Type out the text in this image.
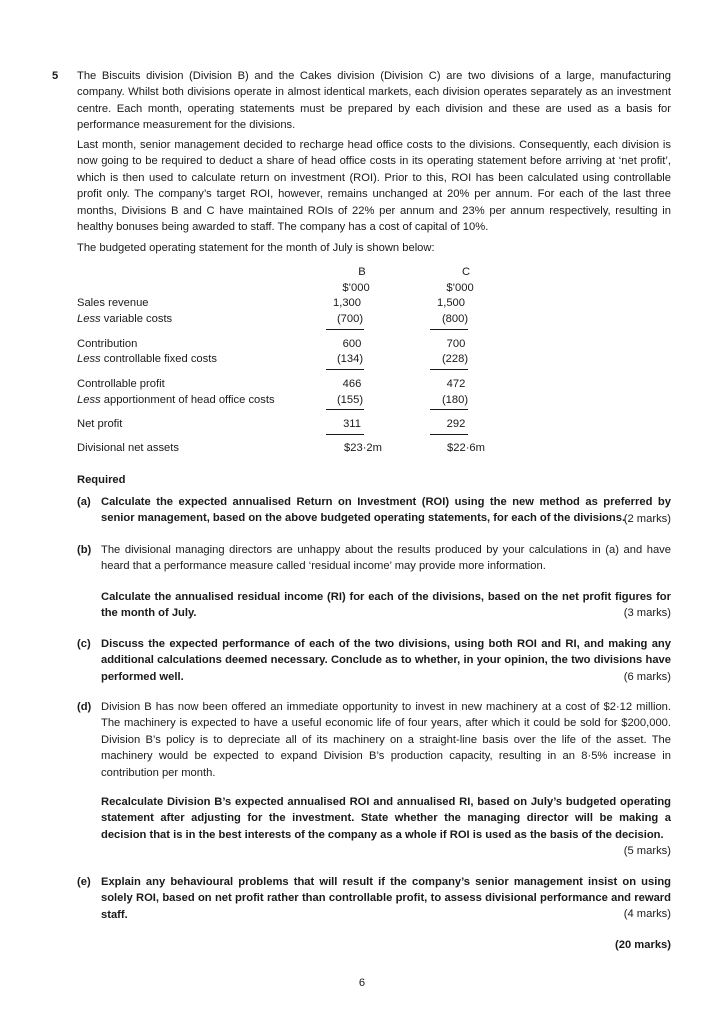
5 The Biscuits division (Division B) and the Cakes division (Division C) are two divisions of a large, manufacturing company. Whilst both divisions operate in almost identical markets, each division operates separately as an investment centre. Each month, operating statements must be prepared by each division and these are used as a basis for performance measurement for the divisions.
Last month, senior management decided to recharge head office costs to the divisions. Consequently, each division is now going to be required to deduct a share of head office costs in its operating statement before arriving at ‘net profit’, which is then used to calculate return on investment (ROI). Prior to this, ROI has been calculated using controllable profit only. The company’s target ROI, however, remains unchanged at 20% per annum. For each of the last three months, Divisions B and C have maintained ROIs of 22% per annum and 23% per annum respectively, resulting in healthy bonuses being awarded to staff. The company has a cost of capital of 10%.
The budgeted operating statement for the month of July is shown below:
B	C
$’000	$’000
Sales revenue	1,300	1,500
Less variable costs	(700)	(800)
Contribution	600	700
Less controllable fixed costs	(134)	(228)
Controllable profit	466	472
Less apportionment of head office costs	(155)	(180)
Net profit	311	292
Divisional net assets	$23·2m	$22·6m
Required
(a) Calculate the expected annualised Return on Investment (ROI) using the new method as preferred by senior management, based on the above budgeted operating statements, for each of the divisions.
(2 marks)
(b) The divisional managing directors are unhappy about the results produced by your calculations in (a) and have heard that a performance measure called ‘residual income’ may provide more information.
Calculate the annualised residual income (RI) for each of the divisions, based on the net profit figures for the month of July.	(3 marks)
(c) Discuss the expected performance of each of the two divisions, using both ROI and RI, and making any additional calculations deemed necessary. Conclude as to whether, in your opinion, the two divisions have performed well.	(6 marks)
(d) Division B has now been offered an immediate opportunity to invest in new machinery at a cost of $2·12 million. The machinery is expected to have a useful economic life of four years, after which it could be sold for $200,000. Division B’s policy is to depreciate all of its machinery on a straight-line basis over the life of the asset. The machinery would be expected to expand Division B’s production capacity, resulting in an 8·5% increase in contribution per month.
Recalculate Division B’s expected annualised ROI and annualised RI, based on July’s budgeted operating statement after adjusting for the investment. State whether the managing director will be making a decision that is in the best interests of the company as a whole if ROI is used as the basis of the decision.
(5 marks)
(e) Explain any behavioural problems that will result if the company’s senior management insist on using solely ROI, based on net profit rather than controllable profit, to assess divisional performance and reward staff.	(4 marks)
(20 marks)
6
